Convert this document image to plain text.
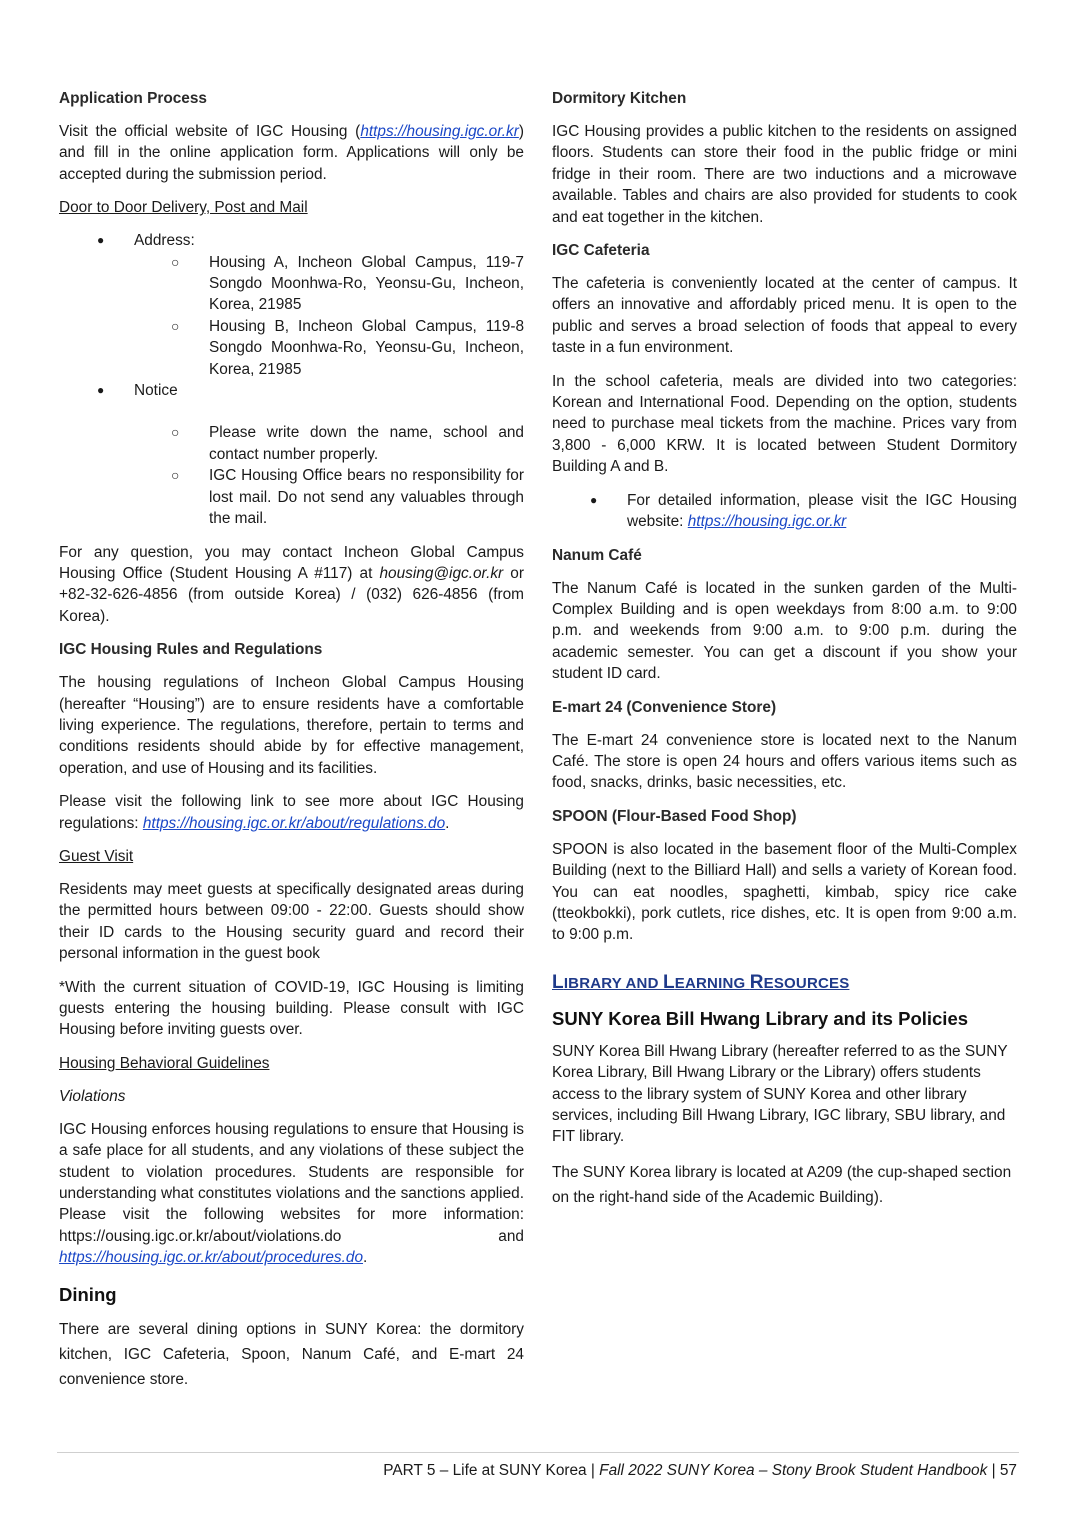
Application Process

Visit the official website of IGC Housing (https://housing.igc.or.kr) and fill in the online application form. Applications will only be accepted during the submission period.

Door to Door Delivery, Post and Mail
● Address:
○ Housing A, Incheon Global Campus, 119-7 Songdo Moonhwa-Ro, Yeonsu-Gu, Incheon, Korea, 21985
○ Housing B, Incheon Global Campus, 119-8 Songdo Moonhwa-Ro, Yeonsu-Gu, Incheon, Korea, 21985
● Notice
○ Please write down the name, school and contact number properly.
○ IGC Housing Office bears no responsibility for lost mail. Do not send any valuables through the mail.

For any question, you may contact Incheon Global Campus Housing Office (Student Housing A #117) at housing@igc.or.kr or +82-32-626-4856 (from outside Korea) / (032) 626-4856 (from Korea).

IGC Housing Rules and Regulations

The housing regulations of Incheon Global Campus Housing (hereafter “Housing”) are to ensure residents have a comfortable living experience. The regulations, therefore, pertain to terms and conditions residents should abide by for effective management, operation, and use of Housing and its facilities.

Please visit the following link to see more about IGC Housing regulations: https://housing.igc.or.kr/about/regulations.do.

Guest Visit

Residents may meet guests at specifically designated areas during the permitted hours between 09:00 - 22:00. Guests should show their ID cards to the Housing security guard and record their personal information in the guest book

*With the current situation of COVID-19, IGC Housing is limiting guests entering the housing building. Please consult with IGC Housing before inviting guests over.

Housing Behavioral Guidelines
Violations

IGC Housing enforces housing regulations to ensure that Housing is a safe place for all students, and any violations of these subject the student to violation procedures. Students are responsible for understanding what constitutes violations and the sanctions applied. Please visit the following websites for more information: https://ousing.igc.or.kr/about/violations.do and https://housing.igc.or.kr/about/procedures.do.

Dining

There are several dining options in SUNY Korea: the dormitory kitchen, IGC Cafeteria, Spoon, Nanum Café, and E-mart 24 convenience store.

Dormitory Kitchen

IGC Housing provides a public kitchen to the residents on assigned floors. Students can store their food in the public fridge or mini fridge in their room. There are two inductions and a microwave available. Tables and chairs are also provided for students to cook and eat together in the kitchen.

IGC Cafeteria

The cafeteria is conveniently located at the center of campus. It offers an innovative and affordably priced menu. It is open to the public and serves a broad selection of foods that appeal to every taste in a fun environment.

In the school cafeteria, meals are divided into two categories: Korean and International Food. Depending on the option, students need to purchase meal tickets from the machine. Prices vary from 3,800 - 6,000 KRW. It is located between Student Dormitory Building A and B.

● For detailed information, please visit the IGC Housing website: https://housing.igc.or.kr
Nanum Café

The Nanum Café is located in the sunken garden of the Multi-Complex Building and is open weekdays from 8:00 a.m. to 9:00 p.m. and weekends from 9:00 a.m. to 9:00 p.m. during the academic semester. You can get a discount if you show your student ID card.

E-mart 24 (Convenience Store)

The E-mart 24 convenience store is located next to the Nanum Café. The store is open 24 hours and offers various items such as food, snacks, drinks, basic necessities, etc.

SPOON (Flour-Based Food Shop)

SPOON is also located in the basement floor of the Multi-Complex Building (next to the Billiard Hall) and sells a variety of Korean food. You can eat noodles, spaghetti, kimbab, spicy rice cake (tteokbokki), pork cutlets, rice dishes, etc. It is open from 9:00 a.m. to 9:00 p.m.

LIBRARY AND LEARNING RESOURCES
SUNY Korea Bill Hwang Library and its Policies

SUNY Korea Bill Hwang Library (hereafter referred to as the SUNY Korea Library, Bill Hwang Library or the Library) offers students access to the library system of SUNY Korea and other library services, including Bill Hwang Library, IGC library, SBU library, and FIT library.

The SUNY Korea library is located at A209 (the cup-shaped section on the right-hand side of the Academic Building).

PART 5 – Life at SUNY Korea | Fall 2022 SUNY Korea – Stony Brook Student Handbook | 57
